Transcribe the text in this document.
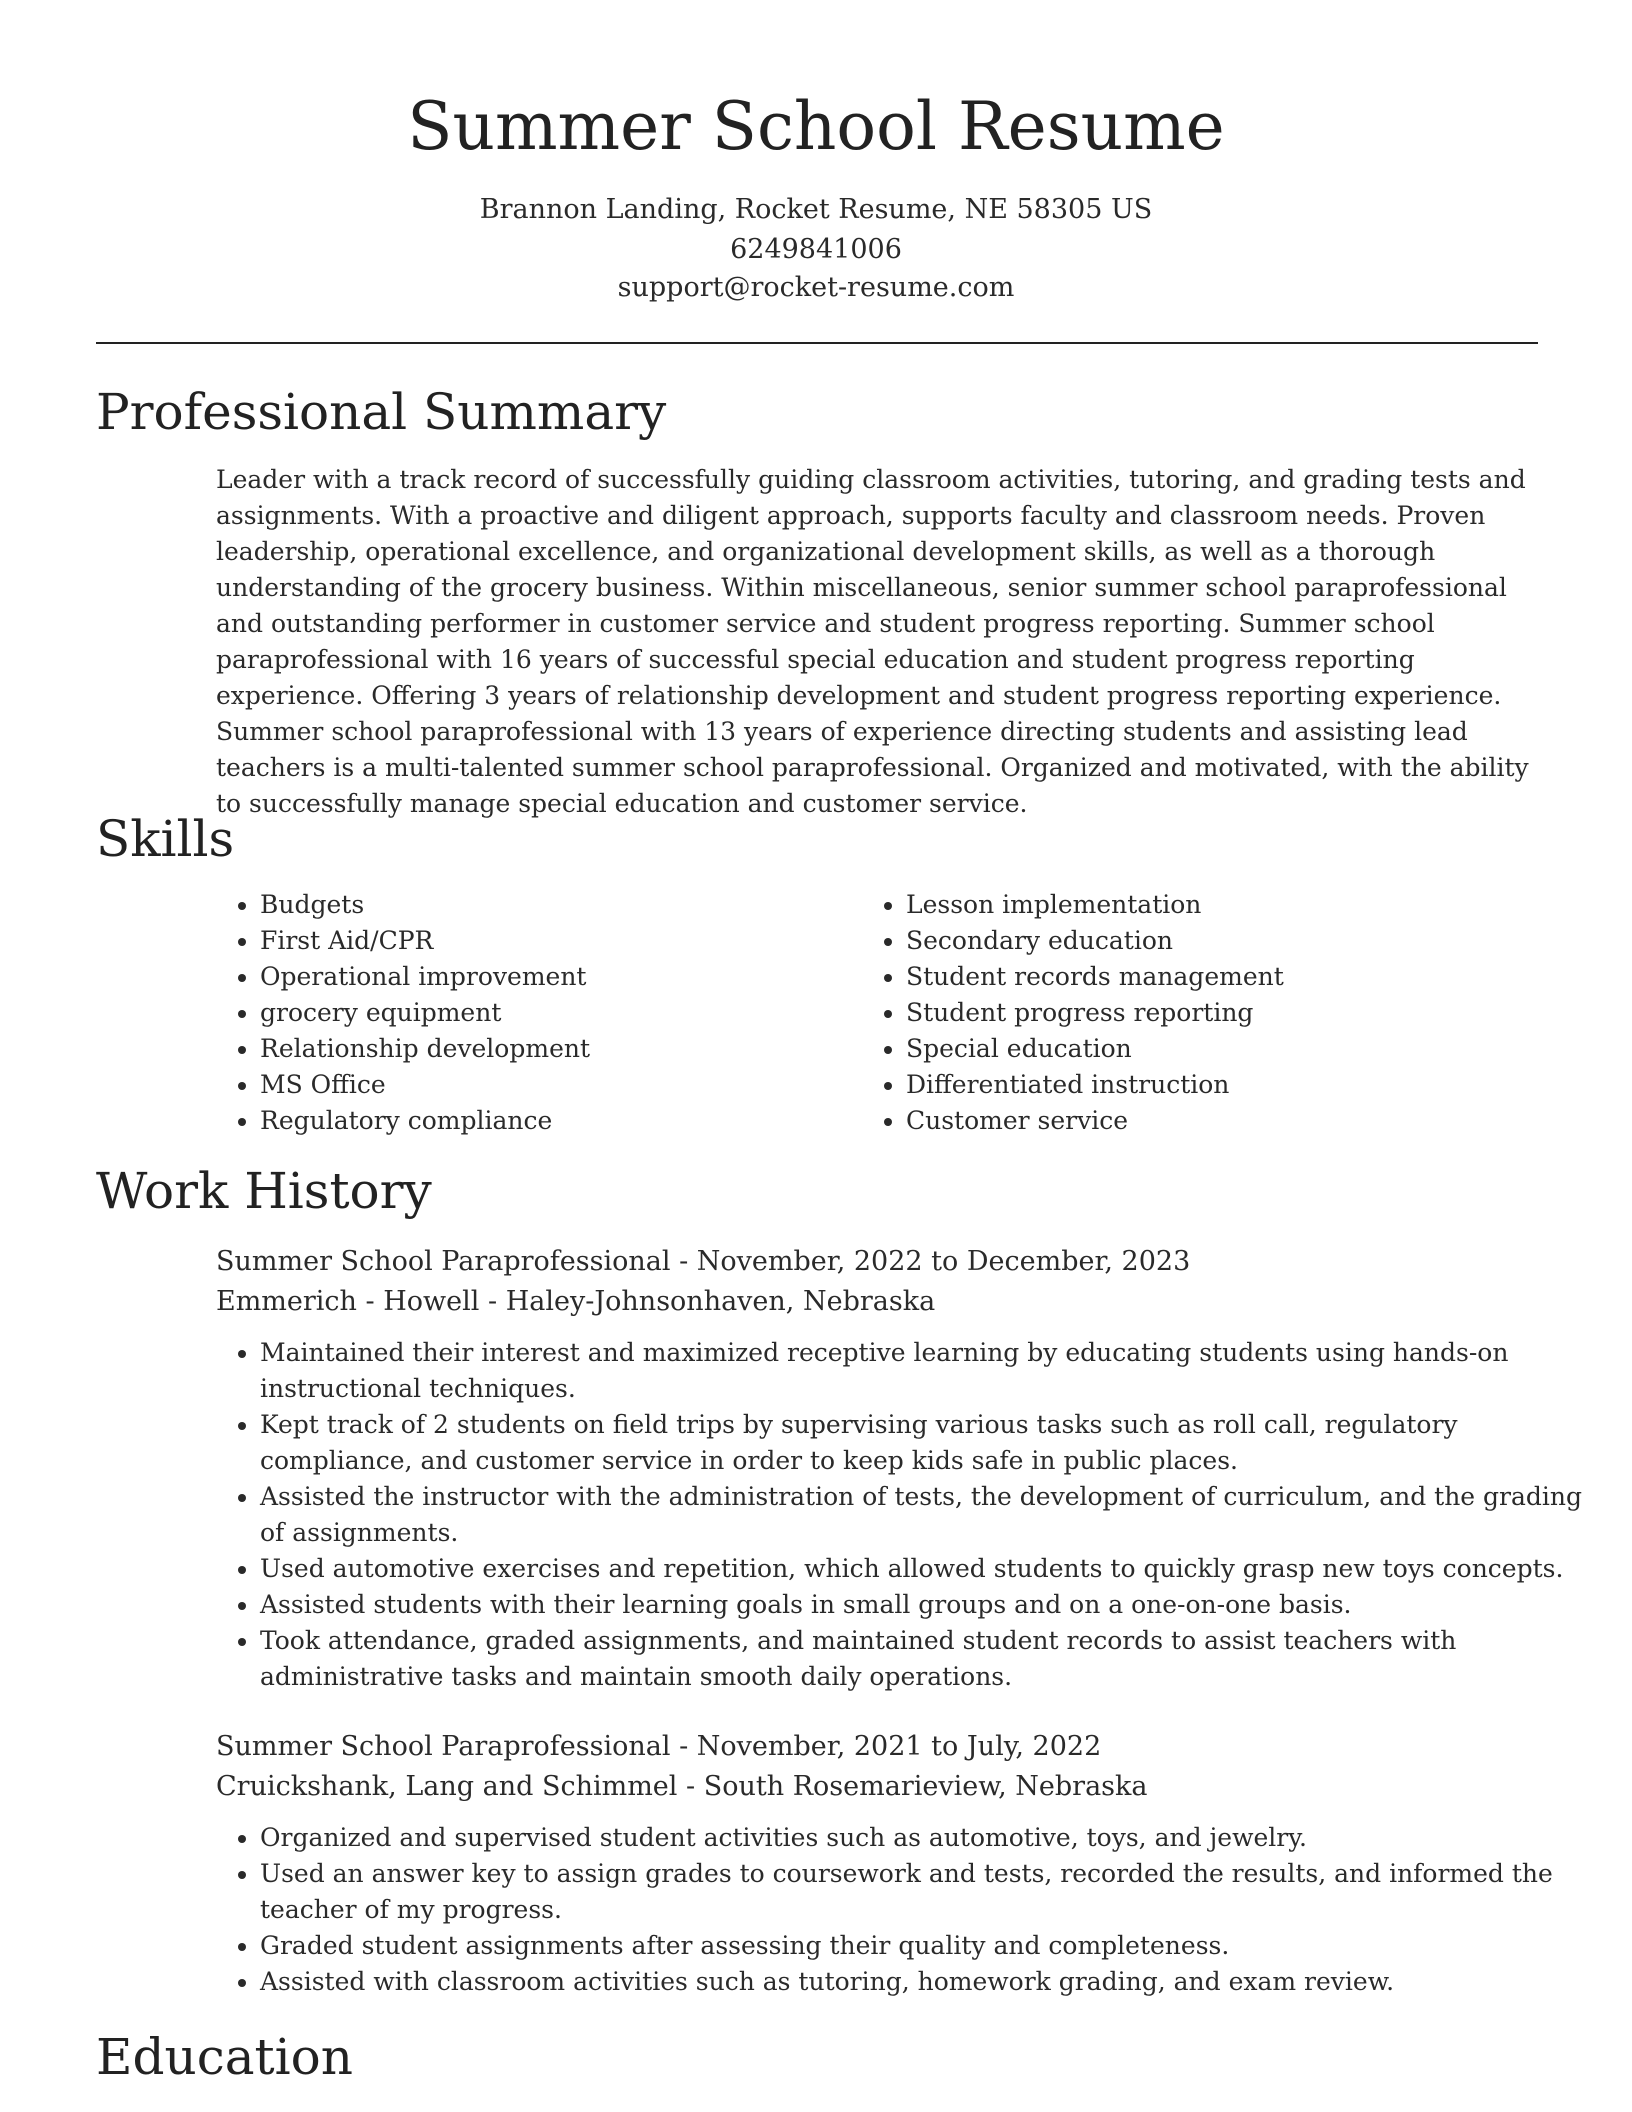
Summer School Resume
Brannon Landing, Rocket Resume, NE 58305 US
6249841006
support@rocket-resume.com
Professional Summary

Leader with a track record of successfully guiding classroom activities, tutoring, and grading tests and assignments. With a proactive and diligent approach, supports faculty and classroom needs. Proven leadership, operational excellence, and organizational development skills, as well as a thorough understanding of the grocery business. Within miscellaneous, senior summer school paraprofessional and outstanding performer in customer service and student progress reporting. Summer school paraprofessional with 16 years of successful special education and student progress reporting experience. Offering 3 years of relationship development and student progress reporting experience. Summer school paraprofessional with 13 years of experience directing students and assisting lead teachers is a multi-talented summer school paraprofessional. Organized and motivated, with the ability to successfully manage special education and customer service.

Skills
• Budgets
• First Aid/CPR
• Operational improvement
• grocery equipment
• Relationship development
• MS Office
• Regulatory compliance
• Lesson implementation
• Secondary education
• Student records management
• Student progress reporting
• Special education
• Differentiated instruction
• Customer service
Work History
Summer School Paraprofessional - November, 2022 to December, 2023
Emmerich - Howell - Haley-Johnsonhaven, Nebraska
• Maintained their interest and maximized receptive learning by educating students using hands-on instructional techniques.
• Kept track of 2 students on field trips by supervising various tasks such as roll call, regulatory compliance, and customer service in order to keep kids safe in public places.
• Assisted the instructor with the administration of tests, the development of curriculum, and the grading of assignments.
• Used automotive exercises and repetition, which allowed students to quickly grasp new toys concepts.
• Assisted students with their learning goals in small groups and on a one-on-one basis.
• Took attendance, graded assignments, and maintained student records to assist teachers with administrative tasks and maintain smooth daily operations.
Summer School Paraprofessional - November, 2021 to July, 2022
Cruickshank, Lang and Schimmel - South Rosemarieview, Nebraska
• Organized and supervised student activities such as automotive, toys, and jewelry.
• Used an answer key to assign grades to coursework and tests, recorded the results, and informed the teacher of my progress.
• Graded student assignments after assessing their quality and completeness.
• Assisted with classroom activities such as tutoring, homework grading, and exam review.
Education
